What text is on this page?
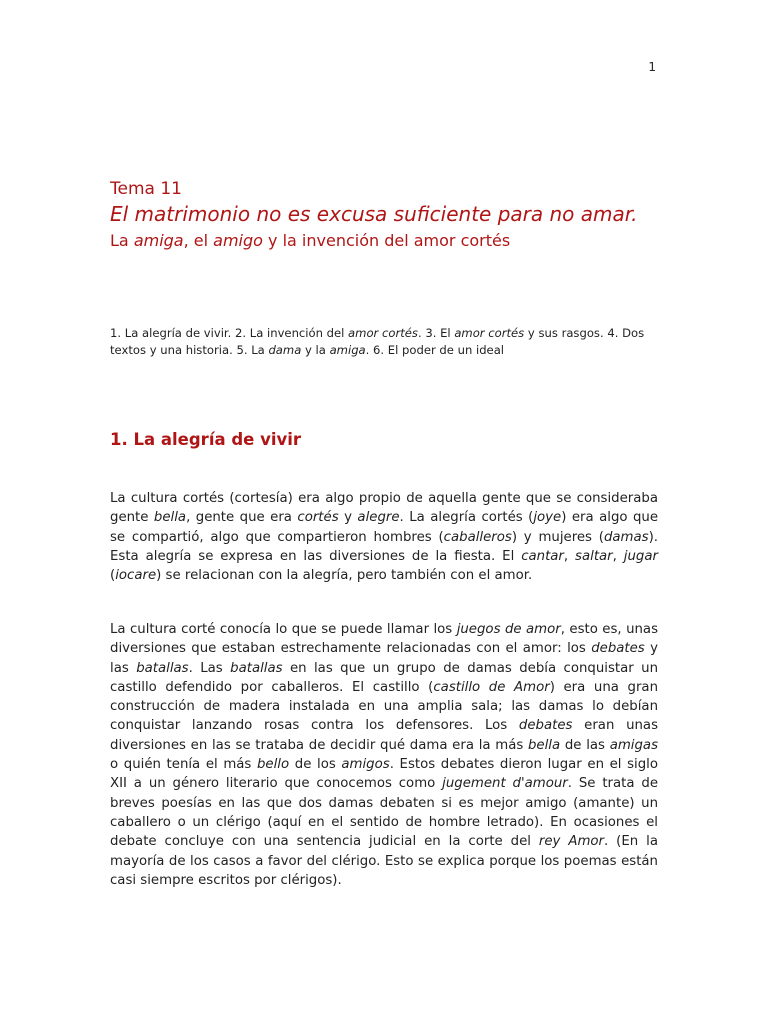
1

Tema 11

El matrimonio no es excusa suficiente para no amar.

La amiga, el amigo y la invención del amor cortés

1. La alegría de vivir. 2. La invención del amor cortés. 3. El amor cortés y sus rasgos. 4. Dos textos y una historia. 5. La dama y la amiga. 6. El poder de un ideal

1. La alegría de vivir

La cultura cortés (cortesía) era algo propio de aquella gente que se consideraba gente bella, gente que era cortés y alegre. La alegría cortés (joye) era algo que se compartió, algo que compartieron hombres (caballeros) y mujeres (damas). Esta alegría se expresa en las diversiones de la fiesta. El cantar, saltar, jugar (iocare) se relacionan con la alegría, pero también con el amor.

La cultura corté conocía lo que se puede llamar los juegos de amor, esto es, unas diversiones que estaban estrechamente relacionadas con el amor: los debates y las batallas. Las batallas en las que un grupo de damas debía conquistar un castillo defendido por caballeros. El castillo (castillo de Amor) era una gran construcción de madera instalada en una amplia sala; las damas lo debían conquistar lanzando rosas contra los defensores. Los debates eran unas diversiones en las se trataba de decidir qué dama era la más bella de las amigas o quién tenía el más bello de los amigos. Estos debates dieron lugar en el siglo XII a un género literario que conocemos como jugement d'amour. Se trata de breves poesías en las que dos damas debaten si es mejor amigo (amante) un caballero o un clérigo (aquí en el sentido de hombre letrado). En ocasiones el debate concluye con una sentencia judicial en la corte del rey Amor. (En la mayoría de los casos a favor del clérigo. Esto se explica porque los poemas están casi siempre escritos por clérigos).
